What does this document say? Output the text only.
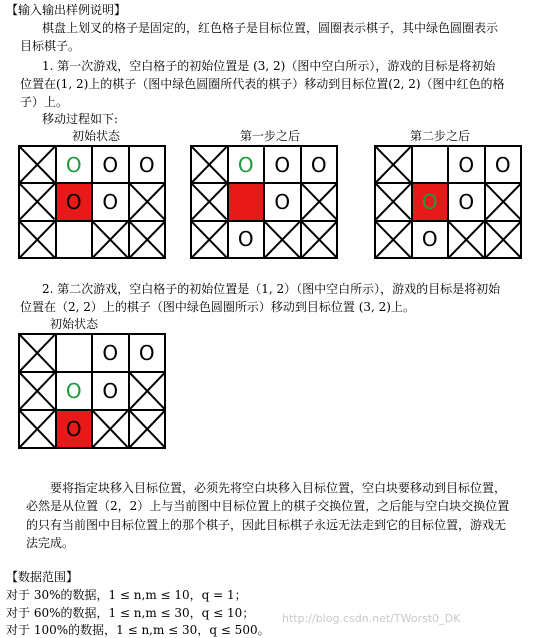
【输入输出样例说明】
棋盘上划叉的格子是固定的，红色格子是目标位置，圆圈表示棋子，其中绿色圆圈表示
目标棋子。
1. 第一次游戏，空白格子的初始位置是 (3, 2)（图中空白所示），游戏的目标是将初始
位置在(1, 2)上的棋子（图中绿色圆圈所代表的棋子）移动到目标位置(2, 2)（图中红色的格
子）上。
移动过程如下:
初始状态	第一步之后	第二步之后
O O O
O O
O O O
O
O
O O
O O
O
2. 第二次游戏，空白格子的初始位置是（1, 2）（图中空白所示），游戏的目标是将初始
位置在（2, 2）上的棋子（图中绿色圆圈所示）移动到目标位置 (3, 2)上。
初始状态
O O
O O
O
要将指定块移入目标位置，必须先将空白块移入目标位置，空白块要移动到目标位置，
必然是从位置（2，2）上与当前图中目标位置上的棋子交换位置，之后能与空白块交换位置
的只有当前图中目标位置上的那个棋子，因此目标棋子永远无法走到它的目标位置，游戏无
法完成。
【数据范围】
对于 30%的数据，1 ≤ n,m ≤ 10，q = 1；
对于 60%的数据，1 ≤ n,m ≤ 30，q ≤ 10；
对于 100%的数据，1 ≤ n,m ≤ 30，q ≤ 500。
http://blog.csdn.net/TWorst0_DK
